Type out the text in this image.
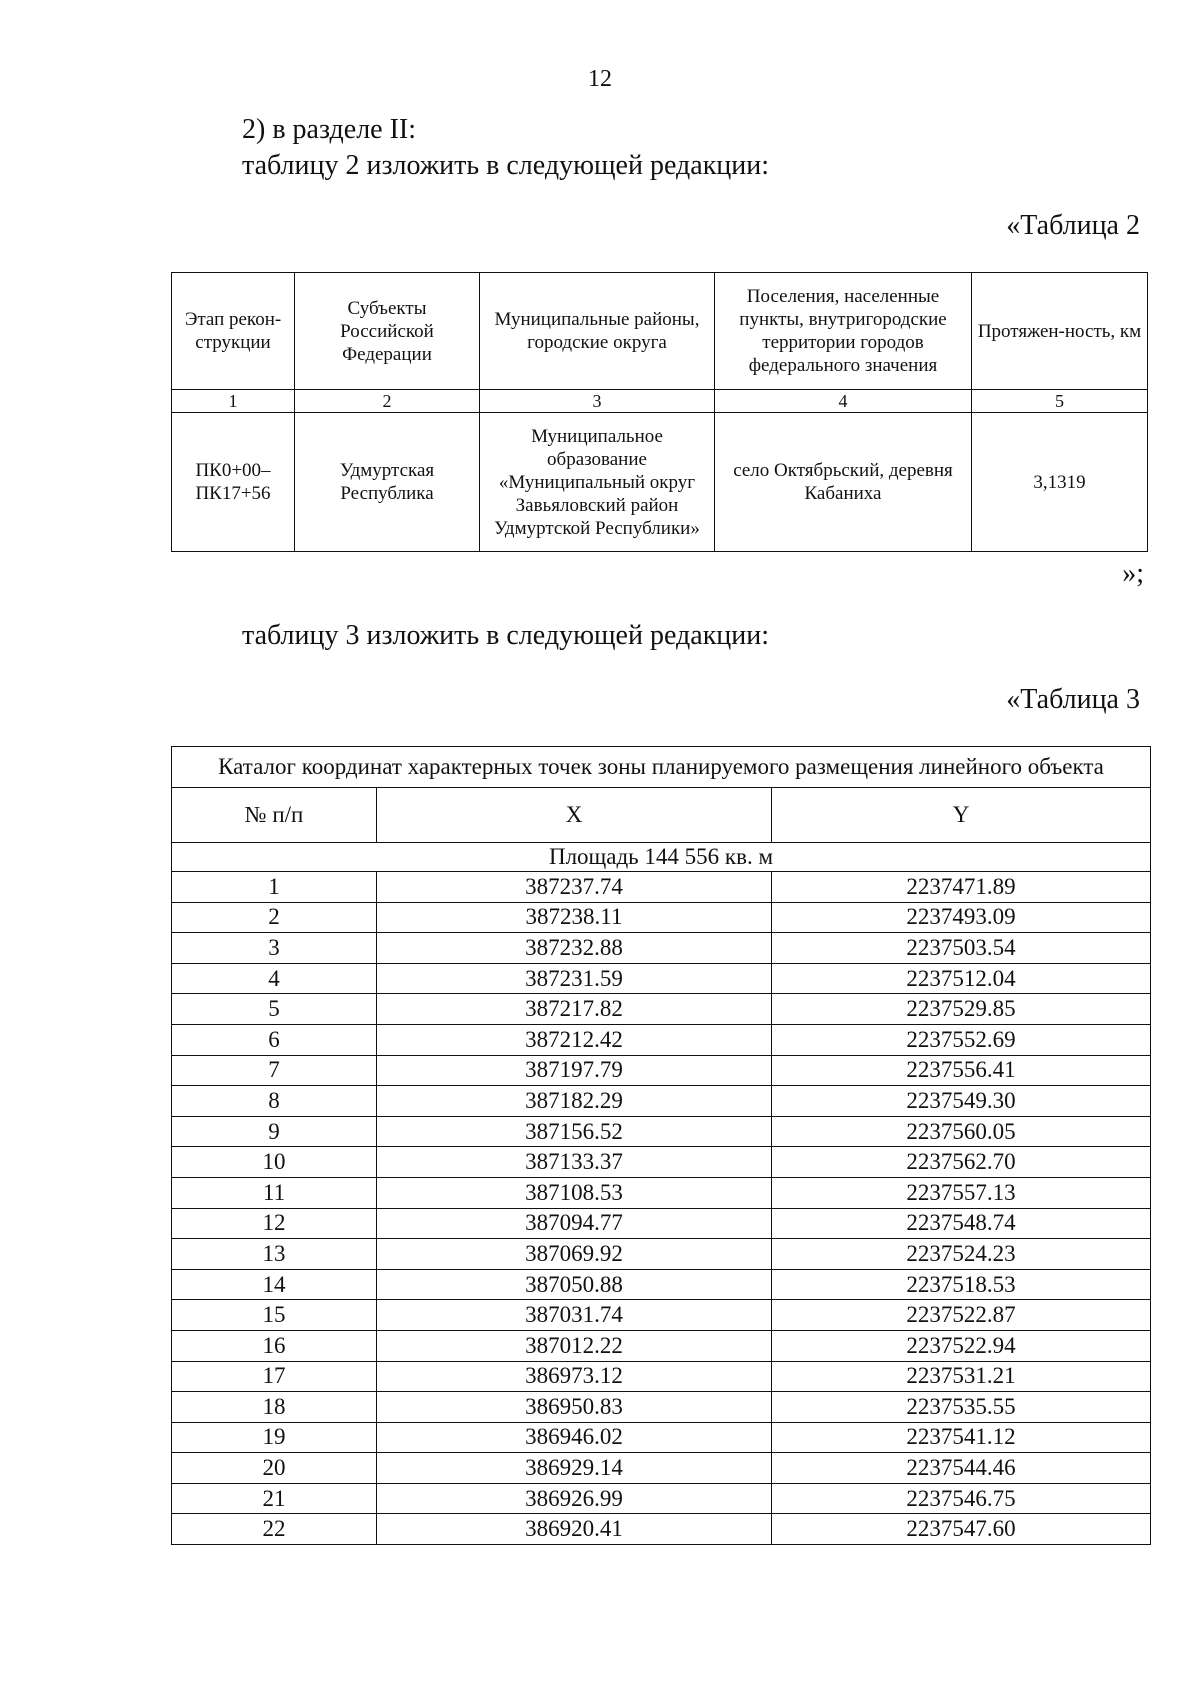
12
2) в разделе II:
таблицу 2 изложить в следующей редакции:
«Таблица 2
Этап рекон-струкции	Субъекты Российской Федерации	Муниципальные районы, городские округа	Поселения, населенные пункты, внутригородские территории городов федерального значения	Протяжен-ность, км
1	2	3	4	5
ПК0+00– ПК17+56	Удмуртская Республика	Муниципальное образование «Муниципальный округ Завьяловский район Удмуртской Республики»	село Октябрьский, деревня Кабаниха	3,1319
»;
таблицу 3 изложить в следующей редакции:
«Таблица 3
Каталог координат характерных точек зоны планируемого размещения линейного объекта		
№ п/п	X	Y
Площадь 144 556 кв. м		
1	387237.74	2237471.89
2	387238.11	2237493.09
3	387232.88	2237503.54
4	387231.59	2237512.04
5	387217.82	2237529.85
6	387212.42	2237552.69
7	387197.79	2237556.41
8	387182.29	2237549.30
9	387156.52	2237560.05
10	387133.37	2237562.70
11	387108.53	2237557.13
12	387094.77	2237548.74
13	387069.92	2237524.23
14	387050.88	2237518.53
15	387031.74	2237522.87
16	387012.22	2237522.94
17	386973.12	2237531.21
18	386950.83	2237535.55
19	386946.02	2237541.12
20	386929.14	2237544.46
21	386926.99	2237546.75
22	386920.41	2237547.60
